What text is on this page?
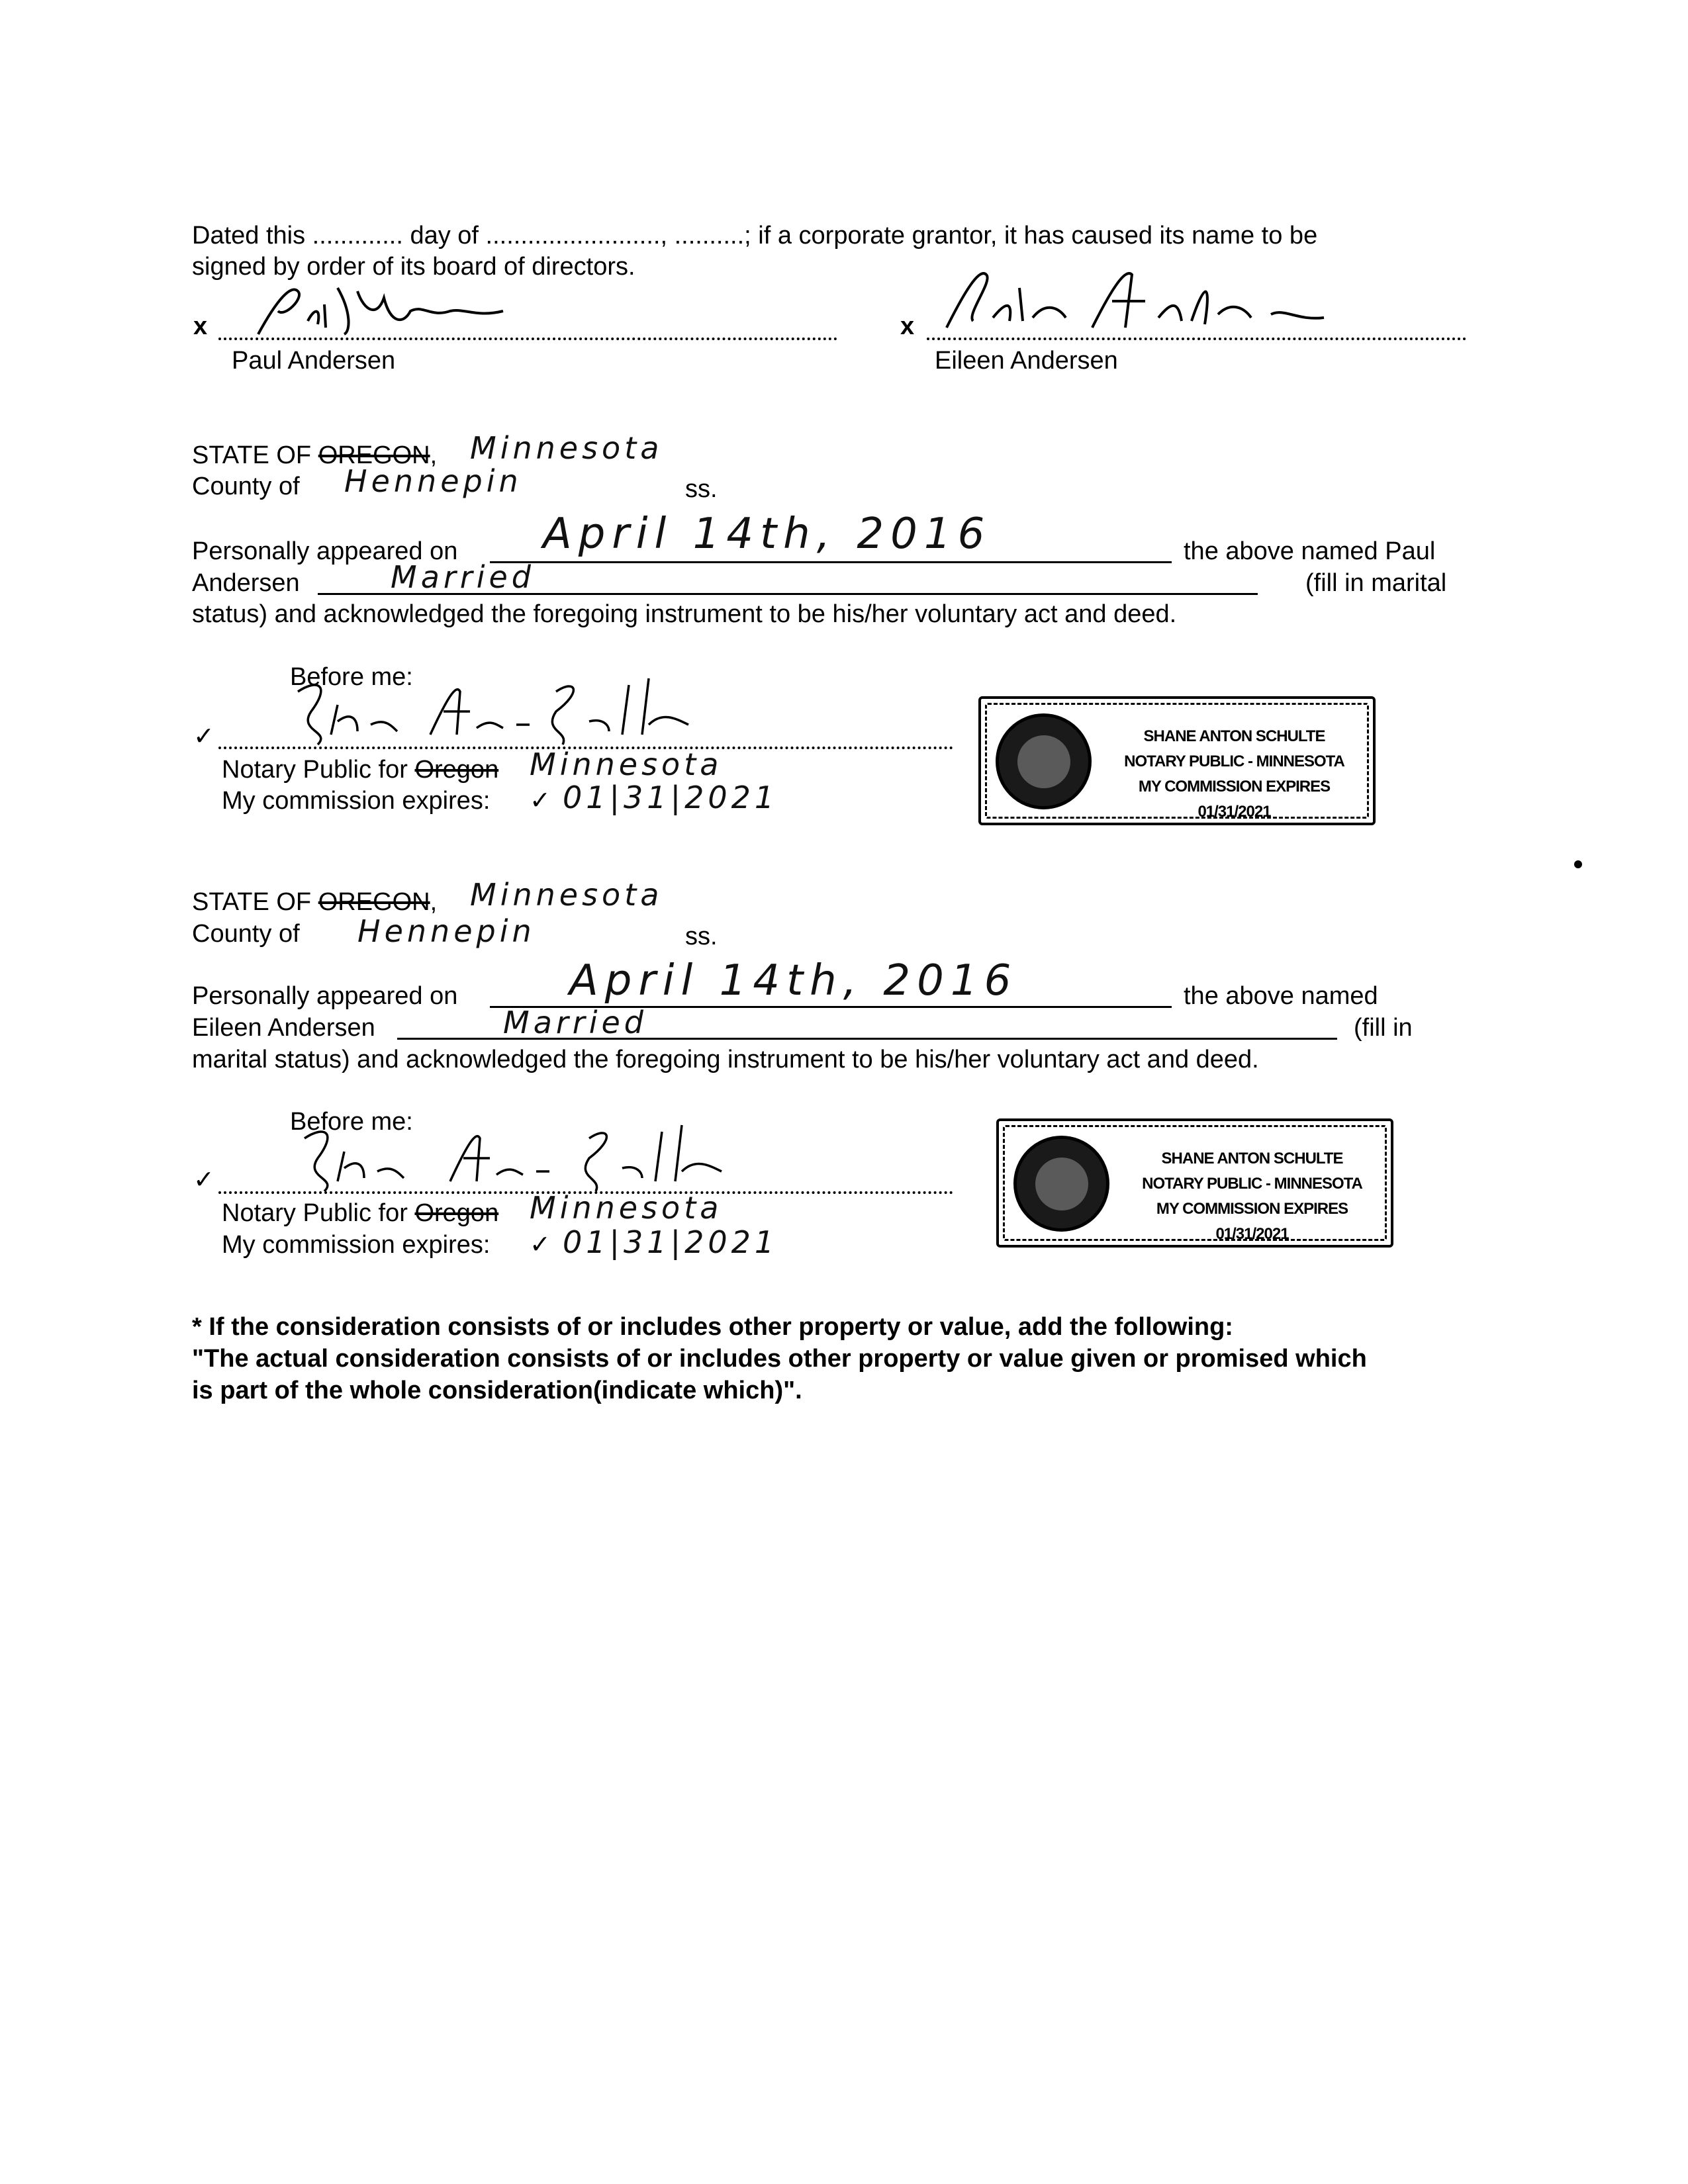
Dated this ............. day of ........................., ..........; if a corporate grantor, it has caused its name to be
signed by order of its board of directors.
x
Paul Andersen
x
Eileen Andersen
STATE OF OREGON, Minnesota
County of Hennepin	ss.
Personally appeared on April 14th, 2016	the above named Paul
Andersen	Married	(fill in marital
status) and acknowledged the foregoing instrument to be his/her voluntary act and deed.
Before me:
✓
Notary Public for Oregon Minnesota
My commission expires: ✓ 01|31|2021
SHANE ANTON SCHULTE
NOTARY PUBLIC - MINNESOTA
MY COMMISSION EXPIRES 01/31/2021
STATE OF OREGON, Minnesota
County of Hennepin	ss.
Personally appeared on	April 14th, 2016	the above named
Eileen Andersen	Married	(fill in
marital status) and acknowledged the foregoing instrument to be his/her voluntary act and deed.
Before me:
✓
Notary Public for Oregon Minnesota
My commission expires: ✓ 01|31|2021
SHANE ANTON SCHULTE
NOTARY PUBLIC - MINNESOTA
MY COMMISSION EXPIRES 01/31/2021
* If the consideration consists of or includes other property or value, add the following:
"The actual consideration consists of or includes other property or value given or promised which
is part of the whole consideration(indicate which)".
